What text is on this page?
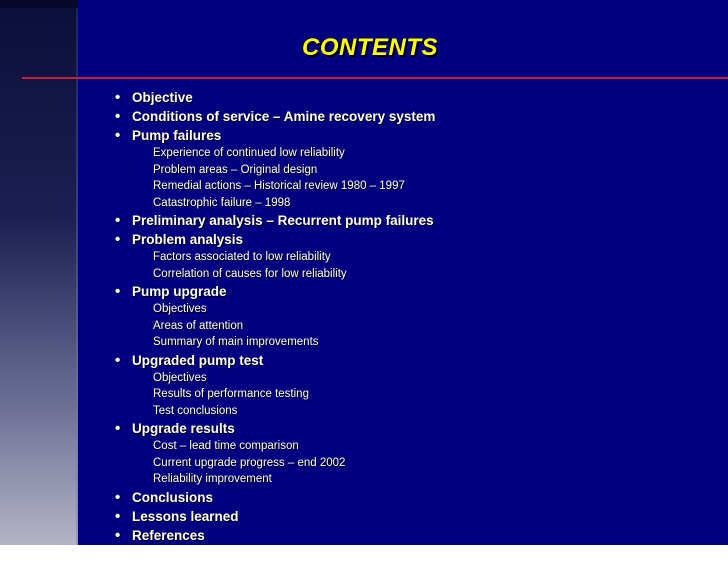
CONTENTS
• Objective
• Conditions of service – Amine recovery system
• Pump failures
Experience of continued low reliability
Problem areas – Original design
Remedial actions – Historical review 1980 – 1997
Catastrophic failure – 1998
• Preliminary analysis – Recurrent pump failures
• Problem analysis
Factors associated to low reliability
Correlation of causes for low reliability
• Pump upgrade
Objectives
Areas of attention
Summary of main improvements
• Upgraded pump test
Objectives
Results of performance testing
Test conclusions
• Upgrade results
Cost – lead time comparison
Current upgrade progress – end 2002
Reliability improvement
• Conclusions
• Lessons learned
• References
